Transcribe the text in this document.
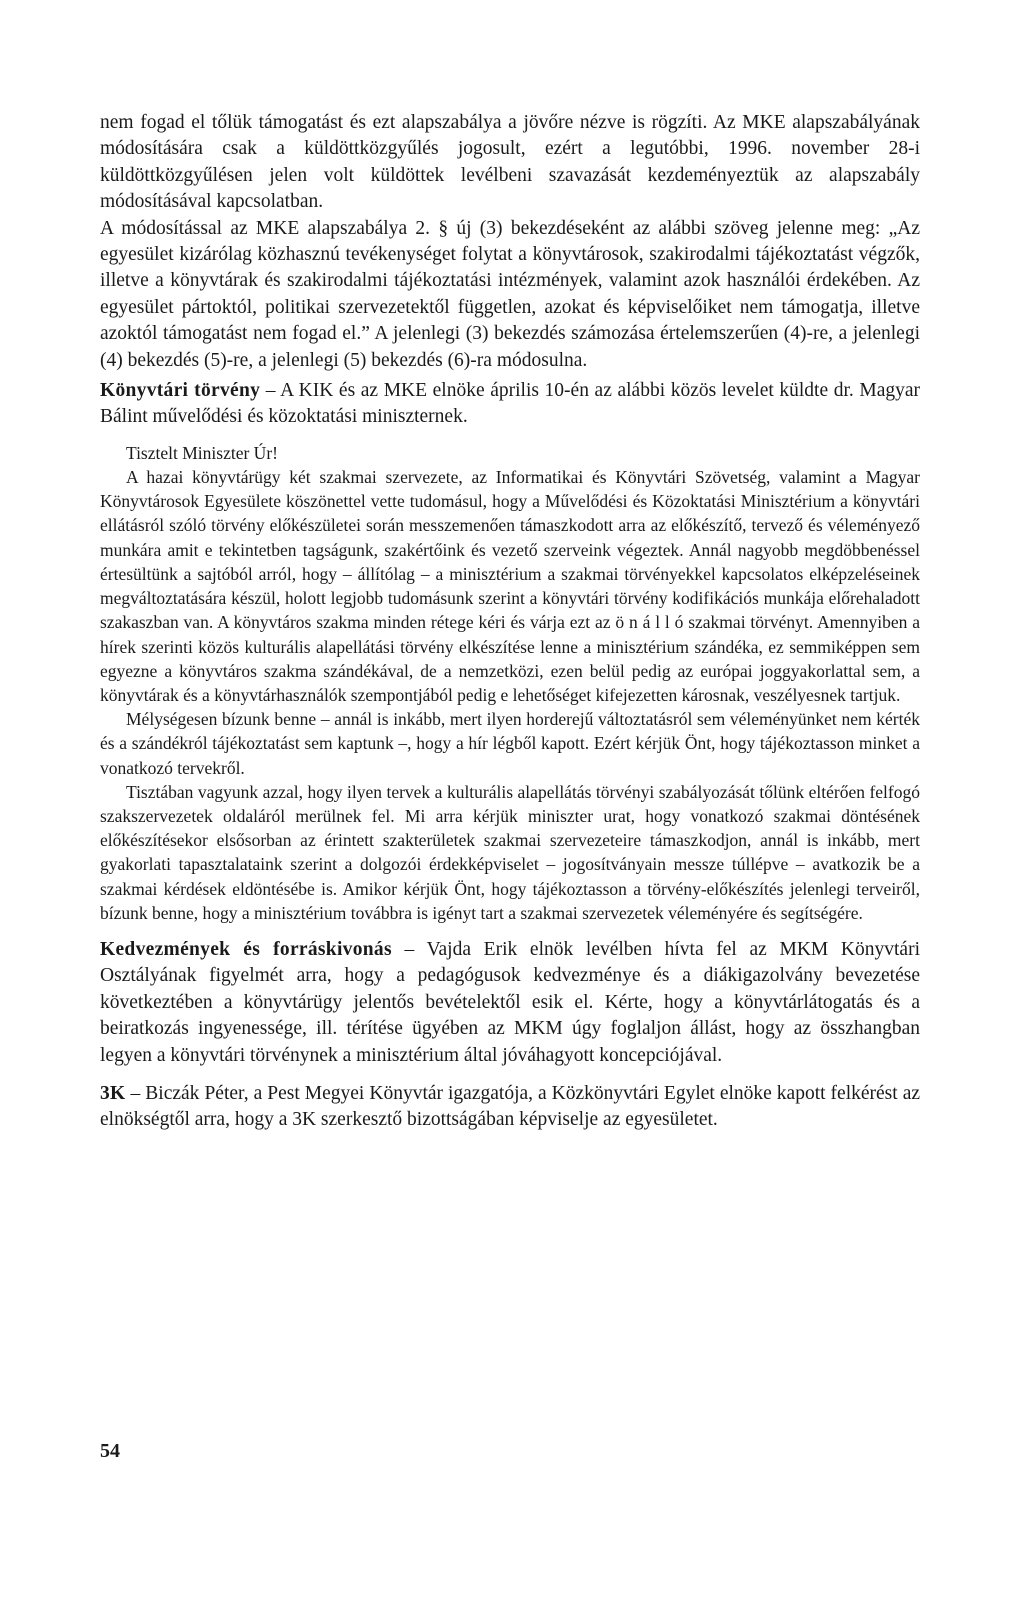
nem fogad el tőlük támogatást és ezt alapszabálya a jövőre nézve is rögzíti. Az MKE alapszabályának módosítására csak a küldöttközgyűlés jogosult, ezért a legutóbbi, 1996. november 28-i küldöttközgyűlésen jelen volt küldöttek levélbeni szavazását kezdeményeztük az alapszabály módosításával kapcsolatban.

A módosítással az MKE alapszabálya 2. § új (3) bekezdéseként az alábbi szöveg jelenne meg: „Az egyesület kizárólag közhasznú tevékenységet folytat a könyvtárosok, szakirodalmi tájékoztatást végzők, illetve a könyvtárak és szakirodalmi tájékoztatási intézmények, valamint azok használói érdekében. Az egyesület pártoktól, politikai szervezetektől független, azokat és képviselőiket nem támogatja, illetve azoktól támogatást nem fogad el.” A jelenlegi (3) bekezdés számozása értelemszerűen (4)-re, a jelenlegi (4) bekezdés (5)-re, a jelenlegi (5) bekezdés (6)-ra módosulna.

Könyvtári törvény – A KIK és az MKE elnöke április 10-én az alábbi közös levelet küldte dr. Magyar Bálint művelődési és közoktatási miniszternek.

Tisztelt Miniszter Úr!

A hazai könyvtárügy két szakmai szervezete, az Informatikai és Könyvtári Szövetség, valamint a Magyar Könyvtárosok Egyesülete köszönettel vette tudomásul, hogy a Művelődési és Közoktatási Minisztérium a könyvtári ellátásról szóló törvény előkészületei során messzemenően támaszkodott arra az előkészítő, tervező és véleményező munkára amit e tekintetben tagságunk, szakértőink és vezető szerveink végeztek. Annál nagyobb megdöbbenéssel értesültünk a sajtóból arról, hogy – állítólag – a minisztérium a szakmai törvényekkel kapcsolatos elképzeléseinek megváltoztatására készül, holott legjobb tudomásunk szerint a könyvtári törvény kodifikációs munkája előrehaladott szakaszban van. A könyvtáros szakma minden rétege kéri és várja ezt az ö n á l l ó szakmai törvényt. Amennyiben a hírek szerinti közös kulturális alapellátási törvény elkészítése lenne a minisztérium szándéka, ez semmiképpen sem egyezne a könyvtáros szakma szándékával, de a nemzetközi, ezen belül pedig az európai joggyakorlattal sem, a könyvtárak és a könyvtárhasználók szempontjából pedig e lehetőséget kifejezetten károsnak, veszélyesnek tartjuk.

Mélységesen bízunk benne – annál is inkább, mert ilyen horderejű változtatásról sem véleményünket nem kérték és a szándékról tájékoztatást sem kaptunk –, hogy a hír légből kapott. Ezért kérjük Önt, hogy tájékoztasson minket a vonatkozó tervekről.

Tisztában vagyunk azzal, hogy ilyen tervek a kulturális alapellátás törvényi szabályozását tőlünk eltérően felfogó szakszervezetek oldaláról merülnek fel. Mi arra kérjük miniszter urat, hogy vonatkozó szakmai döntésének előkészítésekor elsősorban az érintett szakterületek szakmai szervezeteire támaszkodjon, annál is inkább, mert gyakorlati tapasztalataink szerint a dolgozói érdekképviselet – jogosítványain messze túllépve – avatkozik be a szakmai kérdések eldöntésébe is. Amikor kérjük Önt, hogy tájékoztasson a törvény-előkészítés jelenlegi terveiről, bízunk benne, hogy a minisztérium továbbra is igényt tart a szakmai szervezetek véleményére és segítségére.

Kedvezmények és forráskivonás – Vajda Erik elnök levélben hívta fel az MKM Könyvtári Osztályának figyelmét arra, hogy a pedagógusok kedvezménye és a diákigazolvány bevezetése következtében a könyvtárügy jelentős bevételektől esik el. Kérte, hogy a könyvtárlátogatás és a beiratkozás ingyenessége, ill. térítése ügyében az MKM úgy foglaljon állást, hogy az összhangban legyen a könyvtári törvénynek a minisztérium által jóváhagyott koncepciójával.

3K – Biczák Péter, a Pest Megyei Könyvtár igazgatója, a Közkönyvtári Egylet elnöke kapott felkérést az elnökségtől arra, hogy a 3K szerkesztő bizottságában képviselje az egyesületet.

54
